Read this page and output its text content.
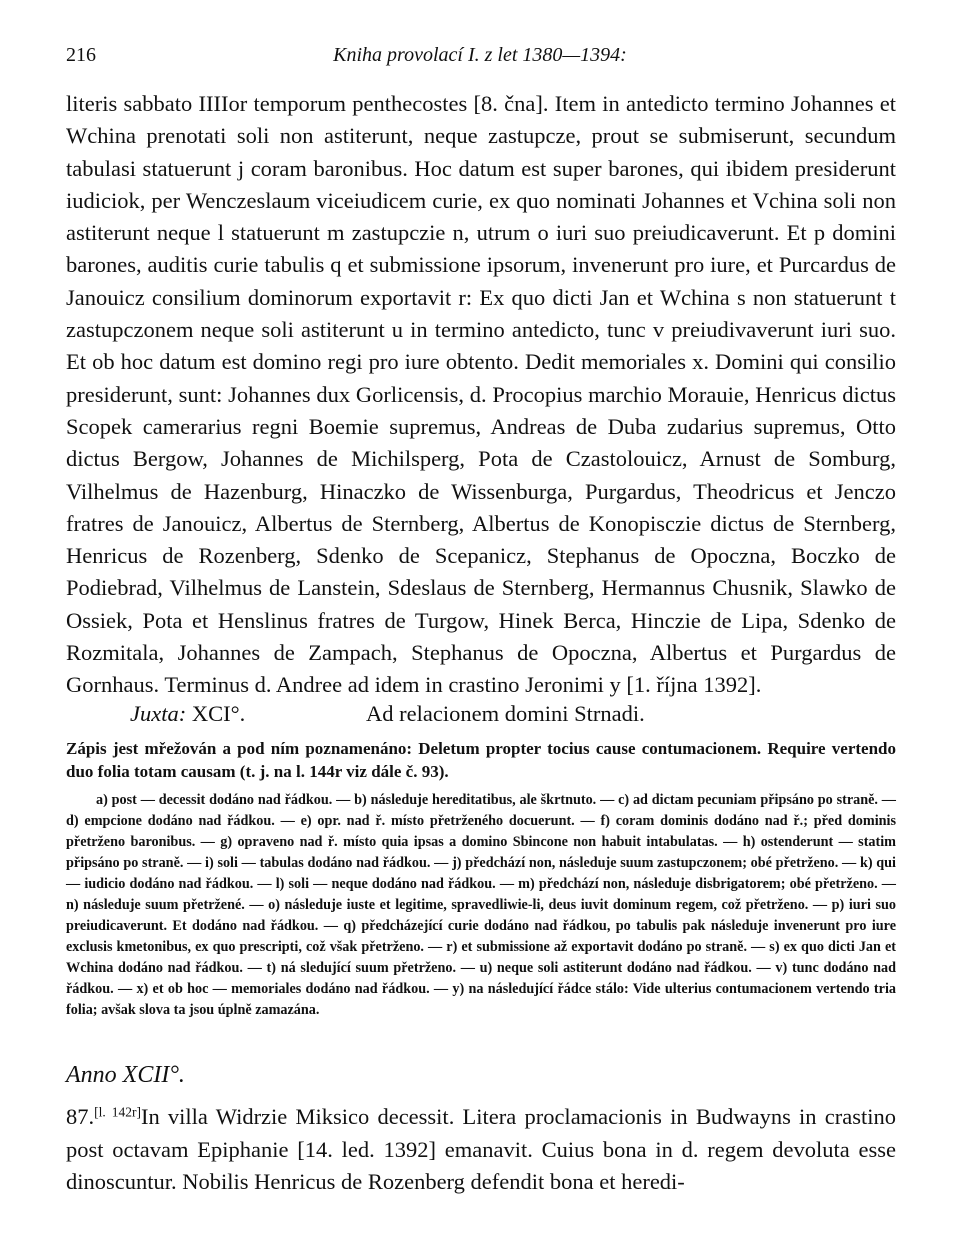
216	Kniha provolací I. z let 1380—1394:

literis sabbato IIIIor temporum penthecostes [8. čna]. Item in antedicto termino Johannes et Wchina prenotati soli non astiterunt, neque zastupcze, prout se submiserunt, secundum tabulasi statuerunt j coram baronibus. Hoc datum est super barones, qui ibidem presiderunt iudiciok, per Wenczeslaum viceiudicem curie, ex quo nominati Johannes et Vchina soli non astiterunt neque l statuerunt m zastupczie n, utrum o iuri suo preiudicaverunt. Et p domini barones, auditis curie tabulis q et submissione ipsorum, invenerunt pro iure, et Purcardus de Janouicz consilium dominorum exportavit r: Ex quo dicti Jan et Wchina s non statuerunt t zastupczonem neque soli astiterunt u in termino antedicto, tunc v preiudivaverunt iuri suo. Et ob hoc datum est domino regi pro iure obtento. Dedit memoriales x. Domini qui consilio presiderunt, sunt: Johannes dux Gorlicensis, d. Procopius marchio Morauie, Henricus dictus Scopek camerarius regni Boemie supremus, Andreas de Duba zudarius supremus, Otto dictus Bergow, Johannes de Michilsperg, Pota de Czastolouicz, Arnust de Somburg, Vilhelmus de Hazenburg, Hinaczko de Wissenburga, Purgardus, Theodricus et Jenczo fratres de Janouicz, Albertus de Sternberg, Albertus de Konopisczie dictus de Sternberg, Henricus de Rozenberg, Sdenko de Scepanicz, Stephanus de Opoczna, Boczko de Podiebrad, Vilhelmus de Lanstein, Sdeslaus de Sternberg, Hermannus Chusnik, Slawko de Ossiek, Pota et Henslinus fratres de Turgow, Hinek Berca, Hinczie de Lipa, Sdenko de Rozmitala, Johannes de Zampach, Stephanus de Opoczna, Albertus et Purgardus de Gornhaus. Terminus d. Andree ad idem in crastino Jeronimi y [1. října 1392].

Juxta: XCI°.	Ad relacionem domini Strnadi.

Zápis jest mřežován a pod ním poznamenáno: Deletum propter tocius cause contumacionem. Require vertendo duo folia totam causam (t. j. na l. 144r viz dále č. 93).

a) post — decessit dodáno nad řádkou. — b) následuje hereditatibus, ale škrtnuto. — c) ad dictam pecuniam připsáno po straně. — d) empcione dodáno nad řádkou. — e) opr. nad ř. místo přetrženého docuerunt. — f) coram dominis dodáno nad ř.; před dominis přetrženo baronibus. — g) opraveno nad ř. místo quia ipsas a domino Sbincone non habuit intabulatas. — h) ostenderunt — statim připsáno po straně. — i) soli — tabulas dodáno nad řádkou. — j) předchází non, následuje suum zastupczonem; obé přetrženo. — k) qui — iudicio dodáno nad řádkou. — l) soli — neque dodáno nad řádkou. — m) předchází non, následuje disbrigatorem; obé přetrženo. — n) následuje suum přetržené. — o) následuje iuste et legitime, spravedliwie-li, deus iuvit dominum regem, což přetrženo. — p) iuri suo preiudicaverunt. Et dodáno nad řádkou. — q) předcházející curie dodáno nad řádkou, po tabulis pak následuje invenerunt pro iure exclusis kmetonibus, ex quo prescripti, což však přetrženo. — r) et submissione až exportavit dodáno po straně. — s) ex quo dicti Jan et Wchina dodáno nad řádkou. — t) ná sledující suum přetrženo. — u) neque soli astiterunt dodáno nad řádkou. — v) tunc dodáno nad řádkou. — x) et ob hoc — memoriales dodáno nad řádkou. — y) na následující řádce stálo: Vide ulterius contumacionem vertendo tria folia; avšak slova ta jsou úplně zamazána.

Anno XCII°.

87.[l. 142r]In villa Widrzie Miksico decessit. Litera proclamacionis in Budwayns in crastino post octavam Epiphanie [14. led. 1392] emanavit. Cuius bona in d. regem devoluta esse dinoscuntur. Nobilis Henricus de Rozenberg defendit bona et heredi-
